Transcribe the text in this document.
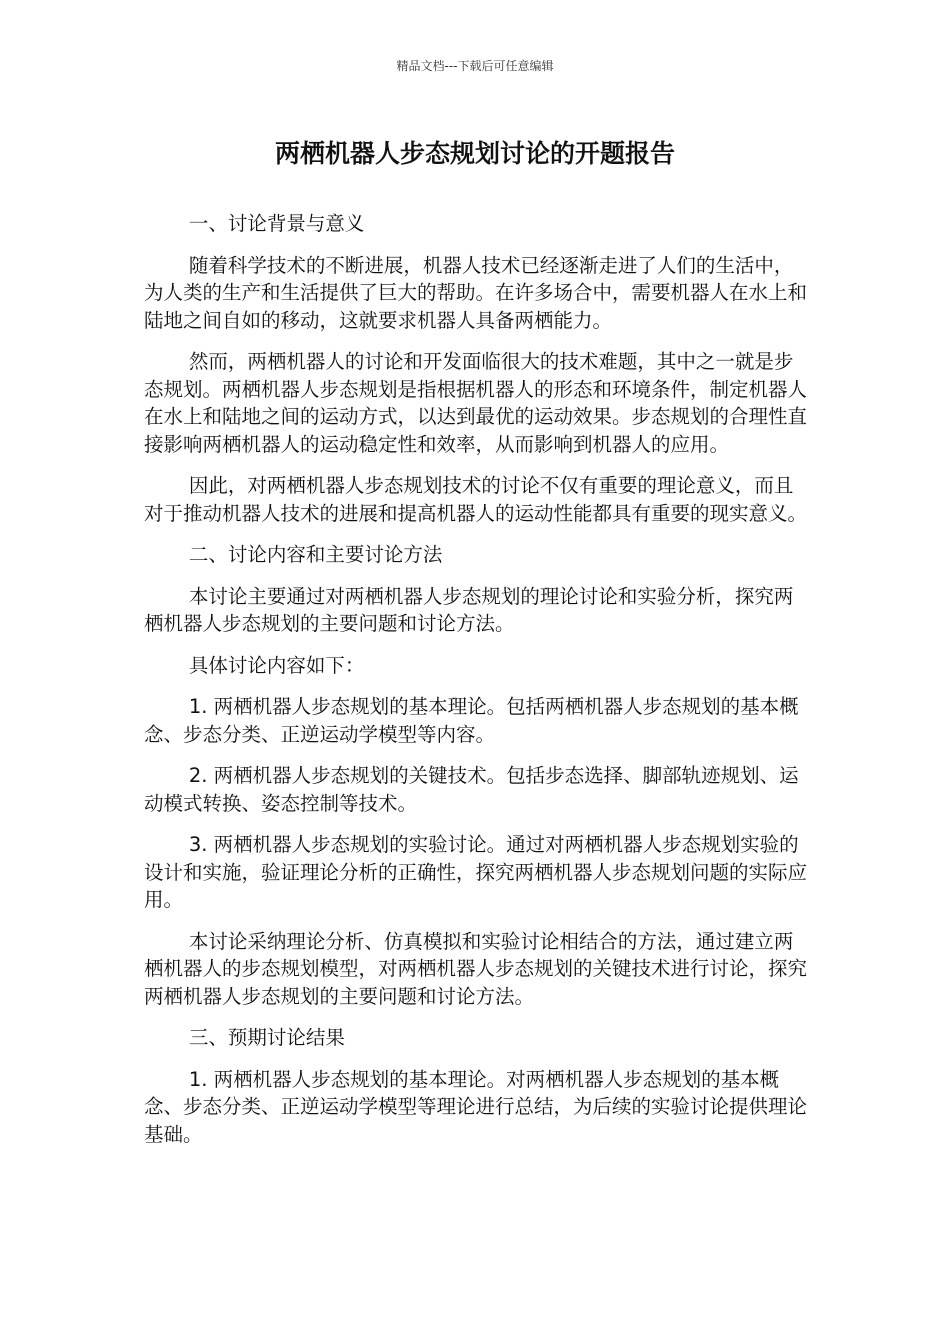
精品文档---下载后可任意编辑
两栖机器人步态规划讨论的开题报告

一、讨论背景与意义

随着科学技术的不断进展，机器人技术已经逐渐走进了人们的生活中，为人类的生产和生活提供了巨大的帮助。在许多场合中，需要机器人在水上和陆地之间自如的移动，这就要求机器人具备两栖能力。

然而，两栖机器人的讨论和开发面临很大的技术难题，其中之一就是步态规划。两栖机器人步态规划是指根据机器人的形态和环境条件，制定机器人在水上和陆地之间的运动方式，以达到最优的运动效果。步态规划的合理性直接影响两栖机器人的运动稳定性和效率，从而影响到机器人的应用。

因此，对两栖机器人步态规划技术的讨论不仅有重要的理论意义，而且对于推动机器人技术的进展和提高机器人的运动性能都具有重要的现实意义。

二、讨论内容和主要讨论方法

本讨论主要通过对两栖机器人步态规划的理论讨论和实验分析，探究两栖机器人步态规划的主要问题和讨论方法。

具体讨论内容如下：

1. 两栖机器人步态规划的基本理论。包括两栖机器人步态规划的基本概念、步态分类、正逆运动学模型等内容。

2. 两栖机器人步态规划的关键技术。包括步态选择、脚部轨迹规划、运动模式转换、姿态控制等技术。

3. 两栖机器人步态规划的实验讨论。通过对两栖机器人步态规划实验的设计和实施，验证理论分析的正确性，探究两栖机器人步态规划问题的实际应用。

本讨论采纳理论分析、仿真模拟和实验讨论相结合的方法，通过建立两栖机器人的步态规划模型，对两栖机器人步态规划的关键技术进行讨论，探究两栖机器人步态规划的主要问题和讨论方法。

三、预期讨论结果

1. 两栖机器人步态规划的基本理论。对两栖机器人步态规划的基本概念、步态分类、正逆运动学模型等理论进行总结，为后续的实验讨论提供理论基础。
